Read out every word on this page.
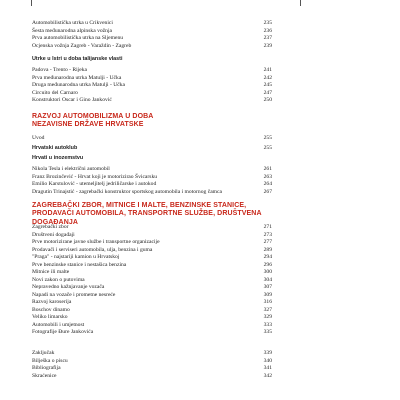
Automobilistička utrka u Crikvenici	235
Šesta međunarodna alpinska vožnja	236
Prva automobilistička utrka na Sljemenu	237
Ocjenska vožnja Zagreb - Varaždin - Zagreb	239
Utrke u Istri u doba talijanske vlasti
Padova - Trento - Rijeka	241
Prva međunarodna utrka Matulji - Učka	242
Druga međunarodna utrka Matulji - Učka	245
Circuito del Carnaro	247
Konstruktori Oscar i Gino Janković	250
RAZVOJ AUTOMOBILIZMA U DOBA
NEZAVISNE DRŽAVE HRVATSKE
Uvod	255
Hrvatski autoklub	255
Hrvati u inozemstvu
Nikola Tesla i električni automobil	261
Franz Brozinčević - Hrvat koji je motorizirao Švicarsku	263
Emilio Karstulović - utemeljitelj jedriličarske i autokod	264
Dragutin Trinajstić - zagrebački konstruktor sportskog automobila i motornog čamca	267
ZAGREBAČKI ZBOR, MITNICE I MALTE, BENZINSKE STANICE,
PRODAVAČI AUTOMOBILA, TRANSPORTNE SLUŽBE, DRUŠTVENA DOGAĐANJA
Zagrebački zbor	271
Društveni događaji	273
Prve motorizirane javne službe i transportne organizacije	277
Prodavači i serviseri automobila, ulja, benzina i guma	289
"Praga" - najstariji kamion u Hrvatskoj	294
Prve benzinske stanice i nestašica benzina	296
Mitnice ili malte	300
Novi zakon o putovima	304
Nepravedno kažnjavanje vozača	307
Napadi na vozače i prometne nesreće	309
Razvoj karoserija	316
Boschov dinamo	327
Veliko limarsko	329
Automobili i umjetnost	333
Fotografije Đure Jankovića	335
Zaključak	339
Bilješka o piscu	340
Bibliografija	341
Skraćenice	342
